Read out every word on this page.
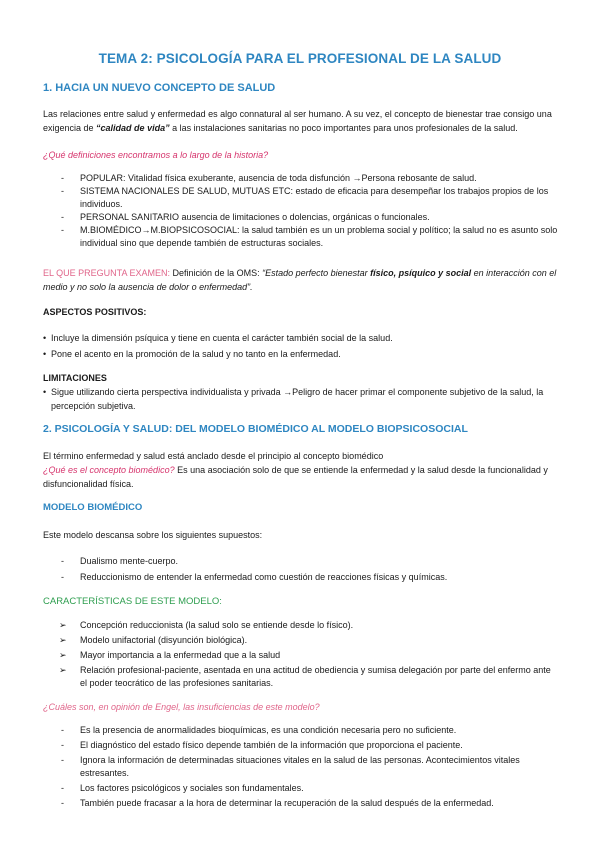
TEMA 2: PSICOLOGÍA PARA EL PROFESIONAL DE LA SALUD
1. HACIA UN NUEVO CONCEPTO DE SALUD
Las relaciones entre salud y enfermedad es algo connatural al ser humano. A su vez, el concepto de bienestar trae consigo una exigencia de “calidad de vida” a las instalaciones sanitarias no poco importantes para unos profesionales de la salud.
¿Qué definiciones encontramos a lo largo de la historia?
- POPULAR: Vitalidad física exuberante, ausencia de toda disfunción →Persona rebosante de salud.
- SISTEMA NACIONALES DE SALUD, MUTUAS ETC: estado de eficacia para desempeñar los trabajos propios de los individuos.
- PERSONAL SANITARIO ausencia de limitaciones o dolencias, orgánicas o funcionales.
- M.BIOMÉDICO→M.BIOPSICOSOCIAL: la salud también es un un problema social y político; la salud no es asunto solo individual sino que depende también de estructuras sociales.
EL QUE PREGUNTA EXAMEN: Definición de la OMS: “Estado perfecto bienestar físico, psíquico y social en interacción con el medio y no solo la ausencia de dolor o enfermedad”.
ASPECTOS POSITIVOS:
• Incluye la dimensión psíquica y tiene en cuenta el carácter también social de la salud.
• Pone el acento en la promoción de la salud y no tanto en la enfermedad.
LIMITACIONES
• Sigue utilizando cierta perspectiva individualista y privada →Peligro de hacer primar el componente subjetivo de la salud, la percepción subjetiva.
2. PSICOLOGÍA Y SALUD: DEL MODELO BIOMÉDICO AL MODELO BIOPSICOSOCIAL
El término enfermedad y salud está anclado desde el principio al concepto biomédico
¿Qué es el concepto biomédico? Es una asociación solo de que se entiende la enfermedad y la salud desde la funcionalidad y disfuncionalidad física.
MODELO BIOMÉDICO
Este modelo descansa sobre los siguientes supuestos:
- Dualismo mente-cuerpo.
- Reduccionismo de entender la enfermedad como cuestión de reacciones físicas y químicas.
CARACTERÍSTICAS DE ESTE MODELO:
➢ Concepción reduccionista (la salud solo se entiende desde lo físico).
➢ Modelo unifactorial (disyunción biológica).
➢ Mayor importancia a la enfermedad que a la salud
➢ Relación profesional-paciente, asentada en una actitud de obediencia y sumisa delegación por parte del enfermo ante el poder teocrático de las profesiones sanitarias.
¿Cuáles son, en opinión de Engel, las insuficiencias de este modelo?
- Es la presencia de anormalidades bioquímicas, es una condición necesaria pero no suficiente.
- El diagnóstico del estado físico depende también de la información que proporciona el paciente.
- Ignora la información de determinadas situaciones vitales en la salud de las personas. Acontecimientos vitales estresantes.
- Los factores psicológicos y sociales son fundamentales.
- También puede fracasar a la hora de determinar la recuperación de la salud después de la enfermedad.
